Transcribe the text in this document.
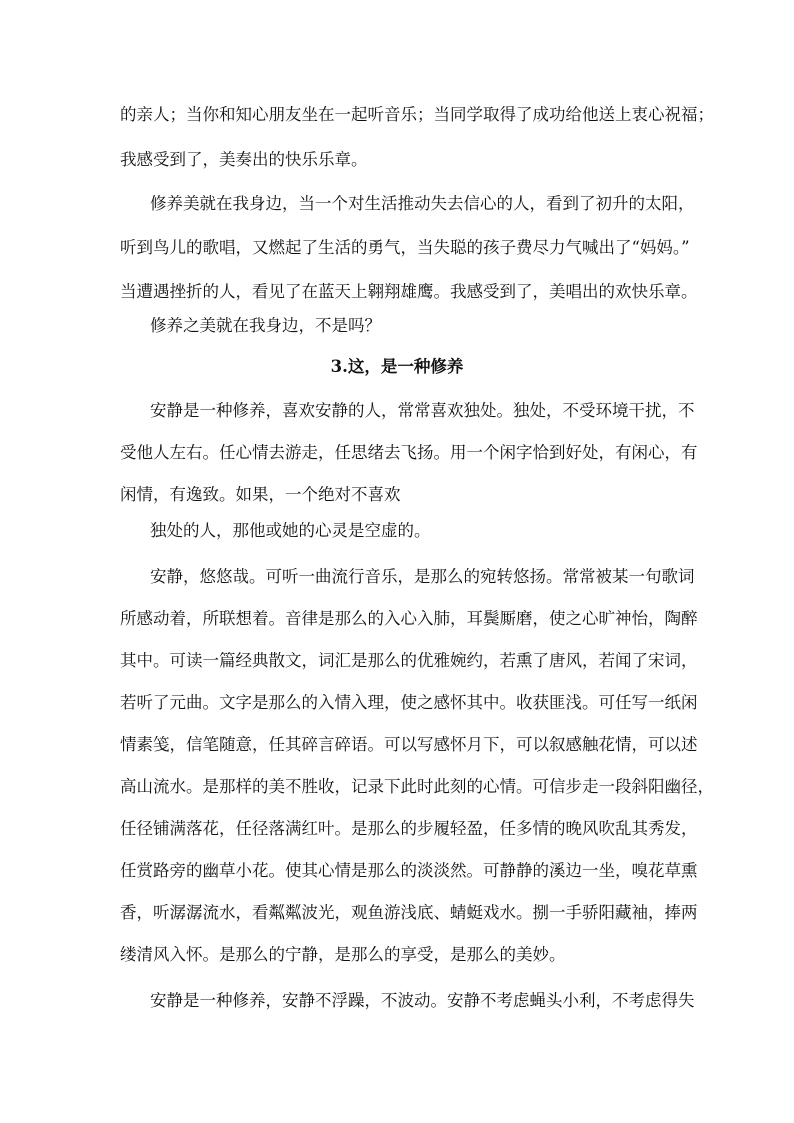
的亲人；当你和知心朋友坐在一起听音乐；当同学取得了成功给他送上衷心祝福；
我感受到了，美奏出的快乐乐章。
修养美就在我身边，当一个对生活推动失去信心的人，看到了初升的太阳，
听到鸟儿的歌唱，又燃起了生活的勇气，当失聪的孩子费尽力气喊出了“妈妈。”
当遭遇挫折的人，看见了在蓝天上翱翔雄鹰。我感受到了，美唱出的欢快乐章。
修养之美就在我身边，不是吗？
3.这，是一种修养
安静是一种修养，喜欢安静的人，常常喜欢独处。独处，不受环境干扰，不
受他人左右。任心情去游走，任思绪去飞扬。用一个闲字恰到好处，有闲心，有
闲情，有逸致。如果，一个绝对不喜欢
独处的人，那他或她的心灵是空虚的。
安静，悠悠哉。可听一曲流行音乐，是那么的宛转悠扬。常常被某一句歌词
所感动着，所联想着。音律是那么的入心入肺，耳鬓厮磨，使之心旷神怡，陶醉
其中。可读一篇经典散文，词汇是那么的优雅婉约，若熏了唐风，若闻了宋词，
若听了元曲。文字是那么的入情入理，使之感怀其中。收获匪浅。可任写一纸闲
情素笺，信笔随意，任其碎言碎语。可以写感怀月下，可以叙感触花情，可以述
高山流水。是那样的美不胜收，记录下此时此刻的心情。可信步走一段斜阳幽径，
任径铺满落花，任径落满红叶。是那么的步履轻盈，任多情的晚风吹乱其秀发，
任赏路旁的幽草小花。使其心情是那么的淡淡然。可静静的溪边一坐，嗅花草熏
香，听潺潺流水，看粼粼波光，观鱼游浅底、蜻蜓戏水。捌一手骄阳藏袖，捧两
缕清风入怀。是那么的宁静，是那么的享受，是那么的美妙。
安静是一种修养，安静不浮躁，不波动。安静不考虑蝇头小利，不考虑得失
